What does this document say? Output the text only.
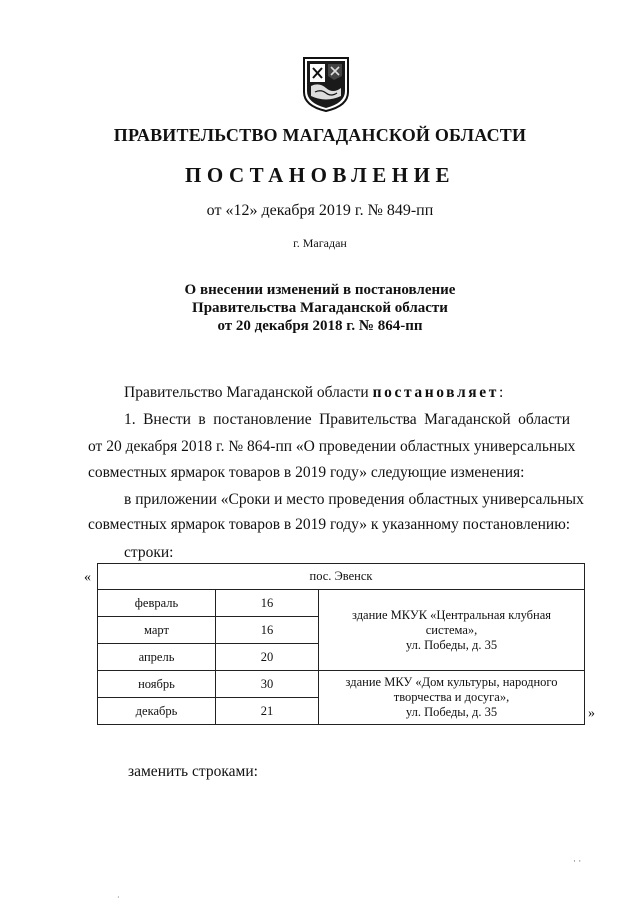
ПРАВИТЕЛЬСТВО МАГАДАНСКОЙ ОБЛАСТИ
ПОСТАНОВЛЕНИЕ
от «12» декабря 2019 г. № 849-пп
г. Магадан
О внесении изменений в постановление
Правительства Магаданской области
от 20 декабря 2018 г. № 864-пп
Правительство Магаданской области постановляет:
1. Внести в постановление Правительства Магаданской области
от 20 декабря 2018 г. № 864-пп «О проведении областных универсальных
совместных ярмарок товаров в 2019 году» следующие изменения:
в приложении «Сроки и место проведения областных универсальных
совместных ярмарок товаров в 2019 году» к указанному постановлению:
строки:
«
»
пос. Эвенск		
февраль	16	здание МКУК «Центральная клубная
система»,
ул. Победы, д. 35

март	16	
апрель	20	
ноябрь	30	здание МКУ «Дом культуры, народного
творчества и досуга»,
ул. Победы, д. 35

декабрь	21	
заменить строками:
· ·
·
